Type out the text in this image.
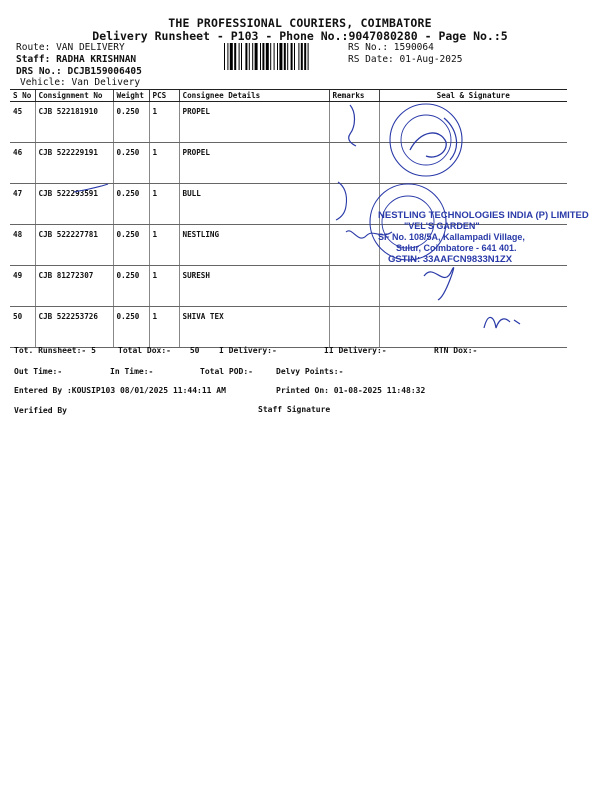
THE PROFESSIONAL COURIERS, COIMBATORE
Delivery Runsheet - P103 - Phone No.:9047080280 - Page No.:5
Route: VAN DELIVERY
Staff: RADHA KRISHNAN
DRS No.: DCJB159006405
Vehicle: Van Delivery
RS No.: 1590064
RS Date: 01-Aug-2025
S No	Consignment No	Weight	PCS	Consignee Details	Remarks	Seal & Signature
45	CJB 522181910	0.250	1	PROPEL		
46	CJB 522229191	0.250	1	PROPEL		
47	CJB 522293591	0.250	1	BULL		
48	CJB 522227781	0.250	1	NESTLING		
49	CJB 81272307	0.250	1	SURESH		
50	CJB 522253726	0.250	1	SHIVA TEX		
NESTLING TECHNOLOGIES INDIA (P) LIMITED
"VEL'S GARDEN"
SF No. 108/5A, Kallampadi Village,
Sulur, Coimbatore - 641 401.
GSTIN: 33AAFCN9833N1ZX
Tot. Runsheet:- 5	Total Dox:- 50 I Delivery:-	II Delivery:-	RTN Dox:-
Out Time:-	In Time:-	Total POD:-	Delvy Points:-
Entered By :KOUSIP103 08/01/2025 11:44:11 AM	Printed On: 01-08-2025 11:48:32
Verified By	Staff Signature
